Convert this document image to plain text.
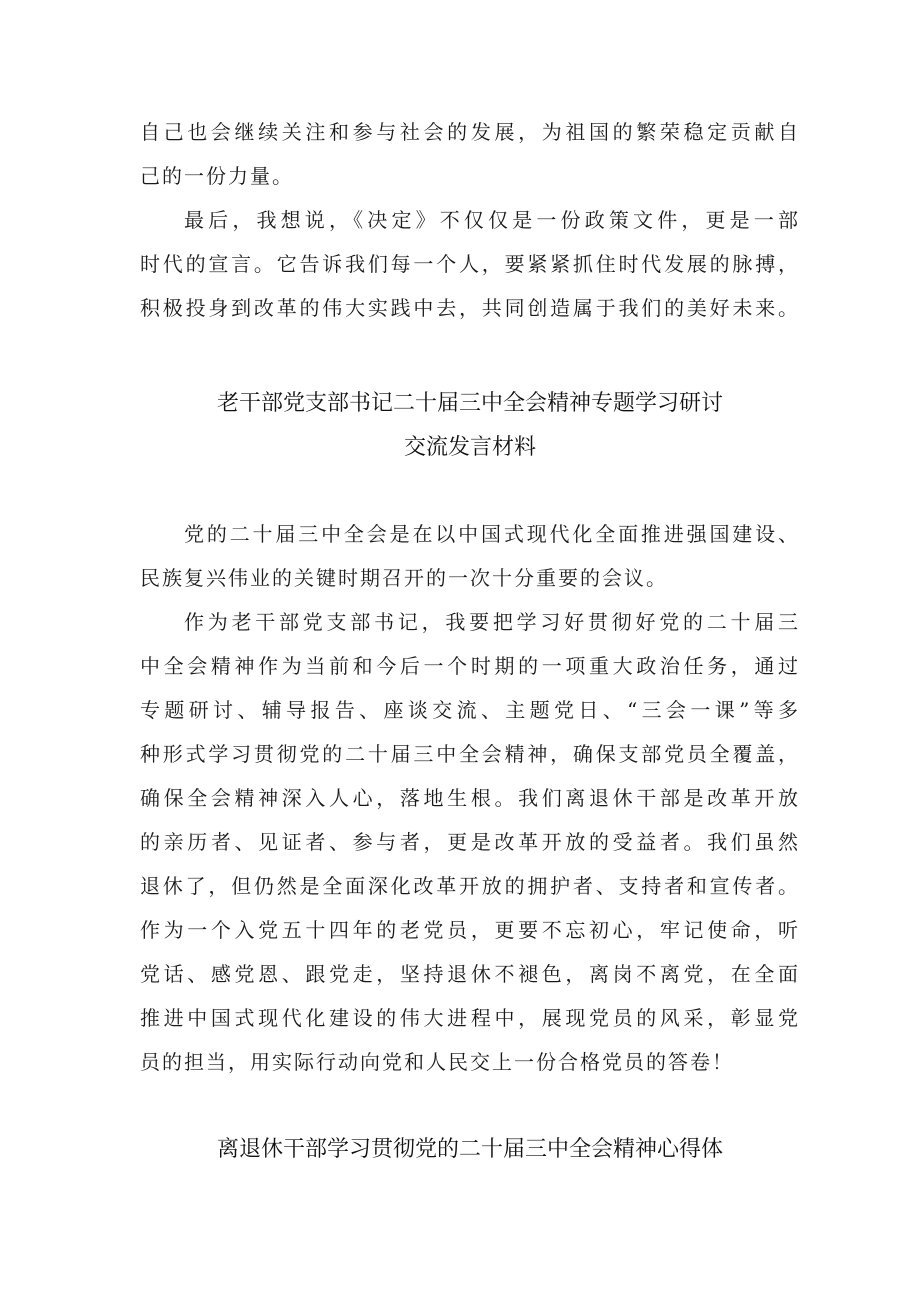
自己也会继续关注和参与社会的发展，为祖国的繁荣稳定贡献自
己的一份力量。
最后，我想说，《决定》不仅仅是一份政策文件，更是一部
时代的宣言。它告诉我们每一个人，要紧紧抓住时代发展的脉搏，
积极投身到改革的伟大实践中去，共同创造属于我们的美好未来。
老干部党支部书记二十届三中全会精神专题学习研讨
交流发言材料
党的二十届三中全会是在以中国式现代化全面推进强国建设、
民族复兴伟业的关键时期召开的一次十分重要的会议。
作为老干部党支部书记，我要把学习好贯彻好党的二十届三
中全会精神作为当前和今后一个时期的一项重大政治任务，通过
专题研讨、辅导报告、座谈交流、主题党日、“三会一课”等多
种形式学习贯彻党的二十届三中全会精神，确保支部党员全覆盖，
确保全会精神深入人心，落地生根。我们离退休干部是改革开放
的亲历者、见证者、参与者，更是改革开放的受益者。我们虽然
退休了，但仍然是全面深化改革开放的拥护者、支持者和宣传者。
作为一个入党五十四年的老党员，更要不忘初心，牢记使命，听
党话、感党恩、跟党走，坚持退休不褪色，离岗不离党，在全面
推进中国式现代化建设的伟大进程中，展现党员的风采，彰显党
员的担当，用实际行动向党和人民交上一份合格党员的答卷！
离退休干部学习贯彻党的二十届三中全会精神心得体
